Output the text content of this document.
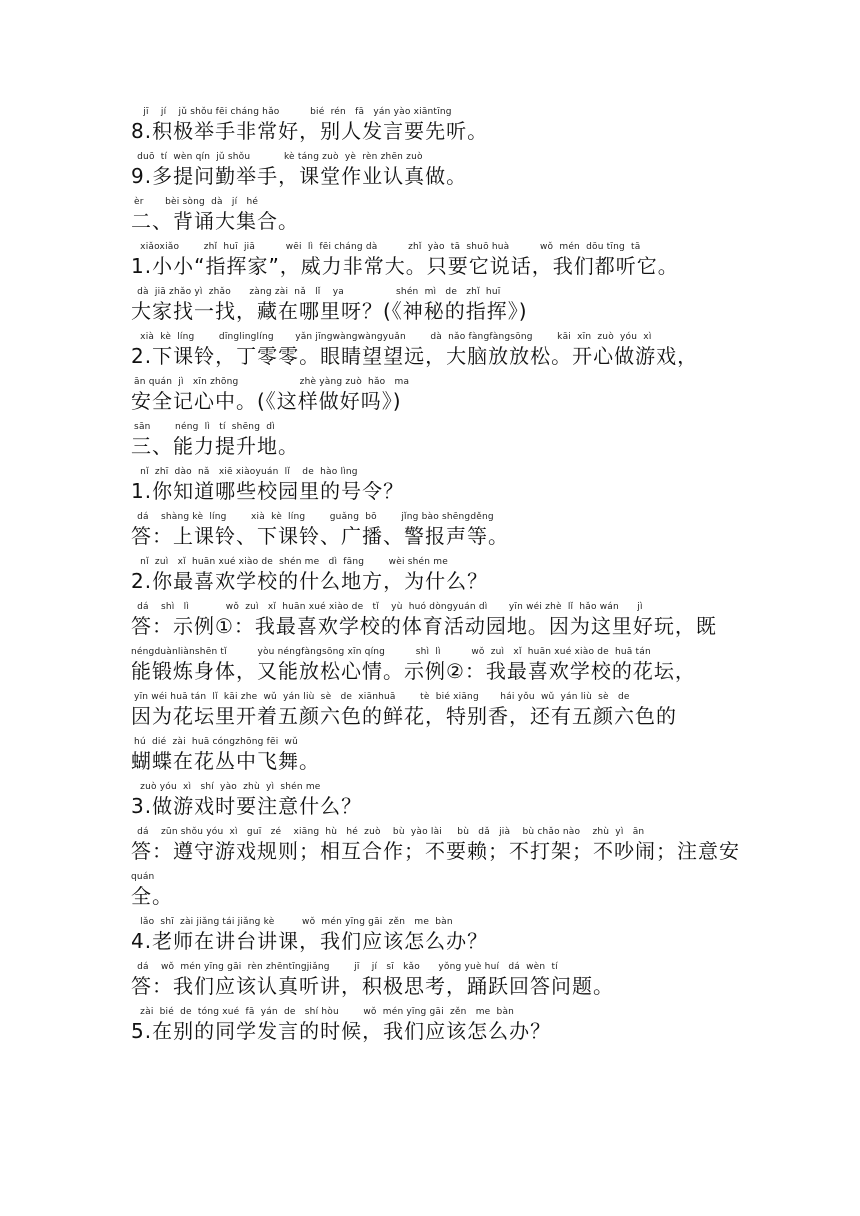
jī    jí    jǔ shǒu fēi cháng hǎo          bié  rén   fā   yán yào xiāntīng
8.积极举手非常好，别人发言要先听。
duō  tí  wèn qín  jǔ shǒu           kè táng zuò  yè  rèn zhēn zuò
9.多提问勤举手，课堂作业认真做。
èr       bèi sòng  dà   jí   hé
二、背诵大集合。
xiǎoxiǎo        zhǐ  huī  jiā          wēi  lì  fēi cháng dà          zhǐ  yào  tā  shuō huà          wǒ  mén  dōu tīng  tā
1.小小“指挥家”，威力非常大。只要它说话，我们都听它。
dà  jiā zhǎo yì  zhǎo      zàng zài  nǎ   lǐ    ya                 shén  mì   de   zhǐ  huī
大家找一找，藏在哪里呀？(《神秘的指挥》)
xià  kè  líng        dīnglinglíng       yǎn jīngwàngwàngyuǎn        dà  nǎo fàngfàngsōng        kāi  xīn  zuò  yóu  xì
2.下课铃，丁零零。眼睛望望远，大脑放放松。开心做游戏，
ān quán  jì   xīn zhōng                    zhè yàng zuò  hǎo   ma
安全记心中。(《这样做好吗》)
sān        néng  lì   tí  shēng  dì
三、能力提升地。
nǐ  zhī  dào  nǎ   xiē xiàoyuán  lǐ    de  hào lìng
1.你知道哪些校园里的号令？
dá    shàng kè  líng        xià  kè  líng        guǎng  bō        jǐng bào shēngděng
答：上课铃、下课铃、广播、警报声等。
nǐ  zuì   xǐ  huān xué xiào de  shén me   dì  fāng        wèi shén me
2.你最喜欢学校的什么地方，为什么？
dá    shì   lì            wǒ  zuì   xǐ  huān xué xiào de   tǐ    yù  huó dòngyuán dì       yīn wéi zhè  lǐ  hǎo wán      jì
答：示例①：我最喜欢学校的体育活动园地。因为这里好玩，既
néngduànliànshēn tǐ          yòu néngfàngsōng xīn qíng          shì  lì          wǒ  zuì   xǐ  huān xué xiào de  huā tán
能锻炼身体，又能放松心情。示例②：我最喜欢学校的花坛，
yīn wéi huā tán  lǐ  kāi zhe  wǔ  yán liù  sè   de  xiānhuā        tè  bié xiāng       hái yǒu  wǔ  yán liù  sè   de
因为花坛里开着五颜六色的鲜花，特别香，还有五颜六色的
hú  dié  zài  huā cóngzhōng fēi  wǔ
蝴蝶在花丛中飞舞。
zuò yóu  xì   shí  yào  zhù  yì  shén me
3.做游戏时要注意什么？
dá    zūn shǒu yóu  xì   guī   zé    xiāng  hù   hé  zuò    bù  yào lài     bù   dǎ   jià    bù chǎo nào    zhù  yì   ān
答：遵守游戏规则；相互合作；不要赖；不打架；不吵闹；注意安
quán
全。
lǎo  shī  zài jiǎng tái jiǎng kè         wǒ  mén yīng gāi  zěn   me  bàn
4.老师在讲台讲课，我们应该怎么办？
dá    wǒ  mén yīng gāi  rèn zhēntīngjiǎng        jī    jí   sī   kǎo      yǒng yuè huí   dá  wèn  tí
答：我们应该认真听讲，积极思考，踊跃回答问题。
zài  bié  de  tóng xué  fā  yán  de   shí hòu        wǒ  mén yīng gāi  zěn   me  bàn
5.在别的同学发言的时候，我们应该怎么办？
